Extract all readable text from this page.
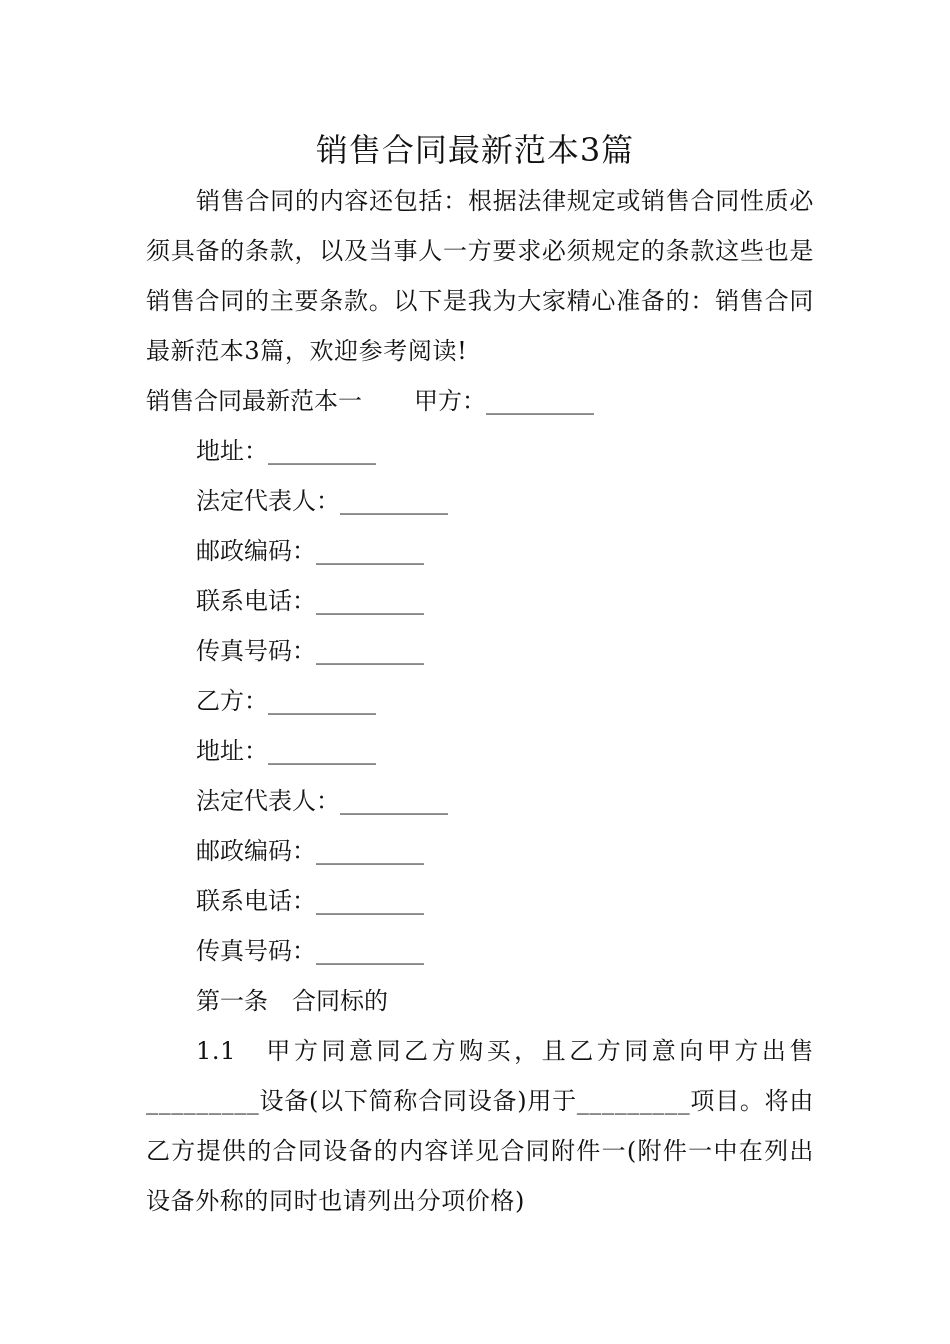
销售合同最新范本3篇

销售合同的内容还包括：根据法律规定或销售合同性质必须具备的条款，以及当事人一方要求必须规定的条款这些也是销售合同的主要条款。以下是我为大家精心准备的：销售合同最新范本3篇，欢迎参考阅读!

销售合同最新范本一 甲方：_________

地址：_________

法定代表人：_________

邮政编码：_________

联系电话：_________

传真号码：_________

乙方：_________

地址：_________

法定代表人：_________

邮政编码：_________

联系电话：_________

传真号码：_________

第一条　合同标的

1.1　甲方同意同乙方购买，且乙方同意向甲方出售_________设备(以下简称合同设备)用于_________项目。将由乙方提供的合同设备的内容详见合同附件一(附件一中在列出设备外称的同时也请列出分项价格)
